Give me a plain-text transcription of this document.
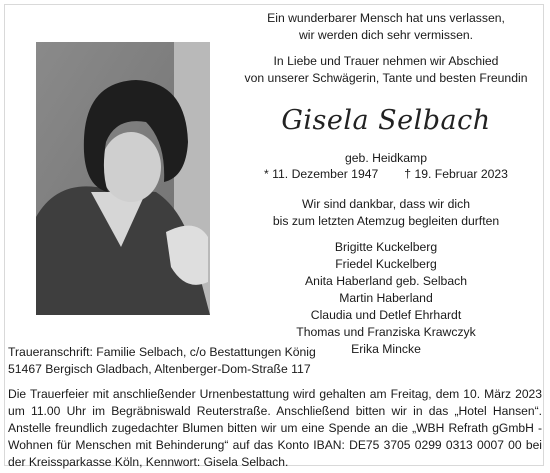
Ein wunderbarer Mensch hat uns verlassen,
wir werden dich sehr vermissen.
In Liebe und Trauer nehmen wir Abschied
von unserer Schwägerin, Tante und besten Freundin
Gisela Selbach
geb. Heidkamp
* 11. Dezember 1947 † 19. Februar 2023
Wir sind dankbar, dass wir dich
bis zum letzten Atemzug begleiten durften
Brigitte Kuckelberg
Friedel Kuckelberg
Anita Haberland geb. Selbach
Martin Haberland
Claudia und Detlef Ehrhardt
Thomas und Franziska Krawczyk
Erika Mincke
Traueranschrift: Familie Selbach, c/o Bestattungen König
51467 Bergisch Gladbach, Altenberger-Dom-Straße 117
Die Trauerfeier mit anschließender Urnenbestattung wird gehalten am Freitag, dem 10. März 2023 um 11.00 Uhr im Begräbniswald Reuterstraße. Anschließend bitten wir in das „Hotel Hansen“. Anstelle freundlich zugedachter Blumen bitten wir um eine Spende an die „WBH Refrath gGmbH - Wohnen für Menschen mit Behinderung“ auf das Konto IBAN: DE75 3705 0299 0313 0007 00 bei der Kreissparkasse Köln, Kennwort: Gisela Selbach.
